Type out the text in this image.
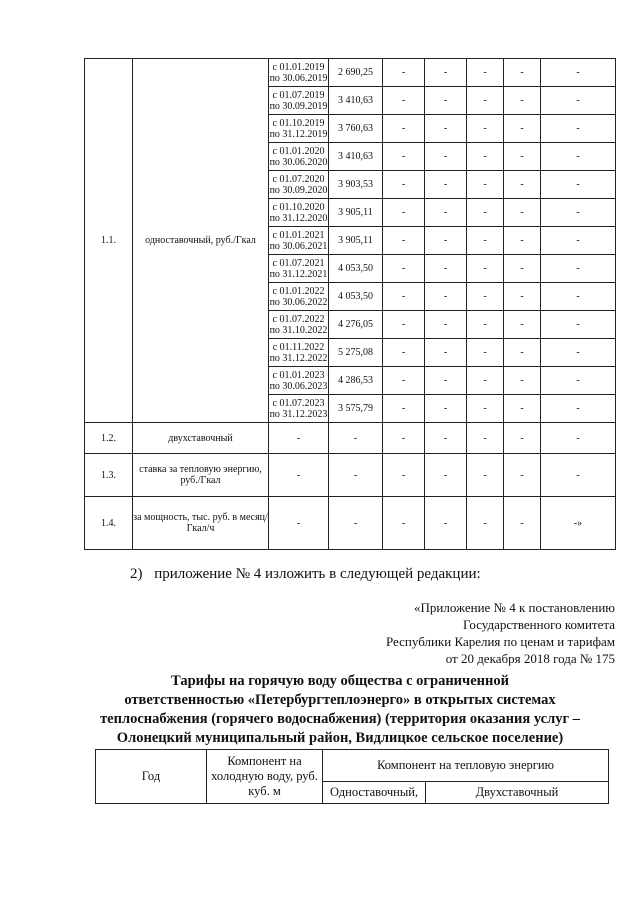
1.1.	одноставочный, руб./Гкал	с 01.01.2019 по 30.06.2019	2 690,25	-	-	-	-	-
		с 01.07.2019 по 30.09.2019	3 410,63	-	-	-	-	-
		с 01.10.2019 по 31.12.2019	3 760,63	-	-	-	-	-
		с 01.01.2020 по 30.06.2020	3 410,63	-	-	-	-	-
		с 01.07.2020 по 30.09.2020	3 903,53	-	-	-	-	-
		с 01.10.2020 по 31.12.2020	3 905,11	-	-	-	-	-
		с 01.01.2021 по 30.06.2021	3 905,11	-	-	-	-	-
		с 01.07.2021 по 31.12.2021	4 053,50	-	-	-	-	-
		с 01.01.2022 по 30.06.2022	4 053,50	-	-	-	-	-
		с 01.07.2022 по 31.10.2022	4 276,05	-	-	-	-	-
		с 01.11.2022 по 31.12.2022	5 275,08	-	-	-	-	-
		с 01.01.2023 по 30.06.2023	4 286,53	-	-	-	-	-
		с 01.07.2023 по 31.12.2023	3 575,79	-	-	-	-	-
1.2.	двухставочный	-	-	-	-	-	-	-
1.3.	ставка за тепловую энергию, руб./Гкал	-	-	-	-	-	-	-
1.4.	за мощность, тыс. руб. в месяц/Гкал/ч	-	-	-	-	-	-	-»
2) приложение № 4 изложить в следующей редакции:
«Приложение № 4 к постановлению
Государственного комитета
Республики Карелия по ценам и тарифам
от 20 декабря 2018 года № 175
Тарифы на горячую воду общества с ограниченной
ответственностью «Петербургтеплоэнерго» в открытых системах
теплоснабжения (горячего водоснабжения) (территория оказания услуг –
Олонецкий муниципальный район, Видлицкое сельское поселение)
Год	Компонент на холодную воду, руб. куб. м	Компонент на тепловую энергию	
		Одноставочный,	Двухставочный
